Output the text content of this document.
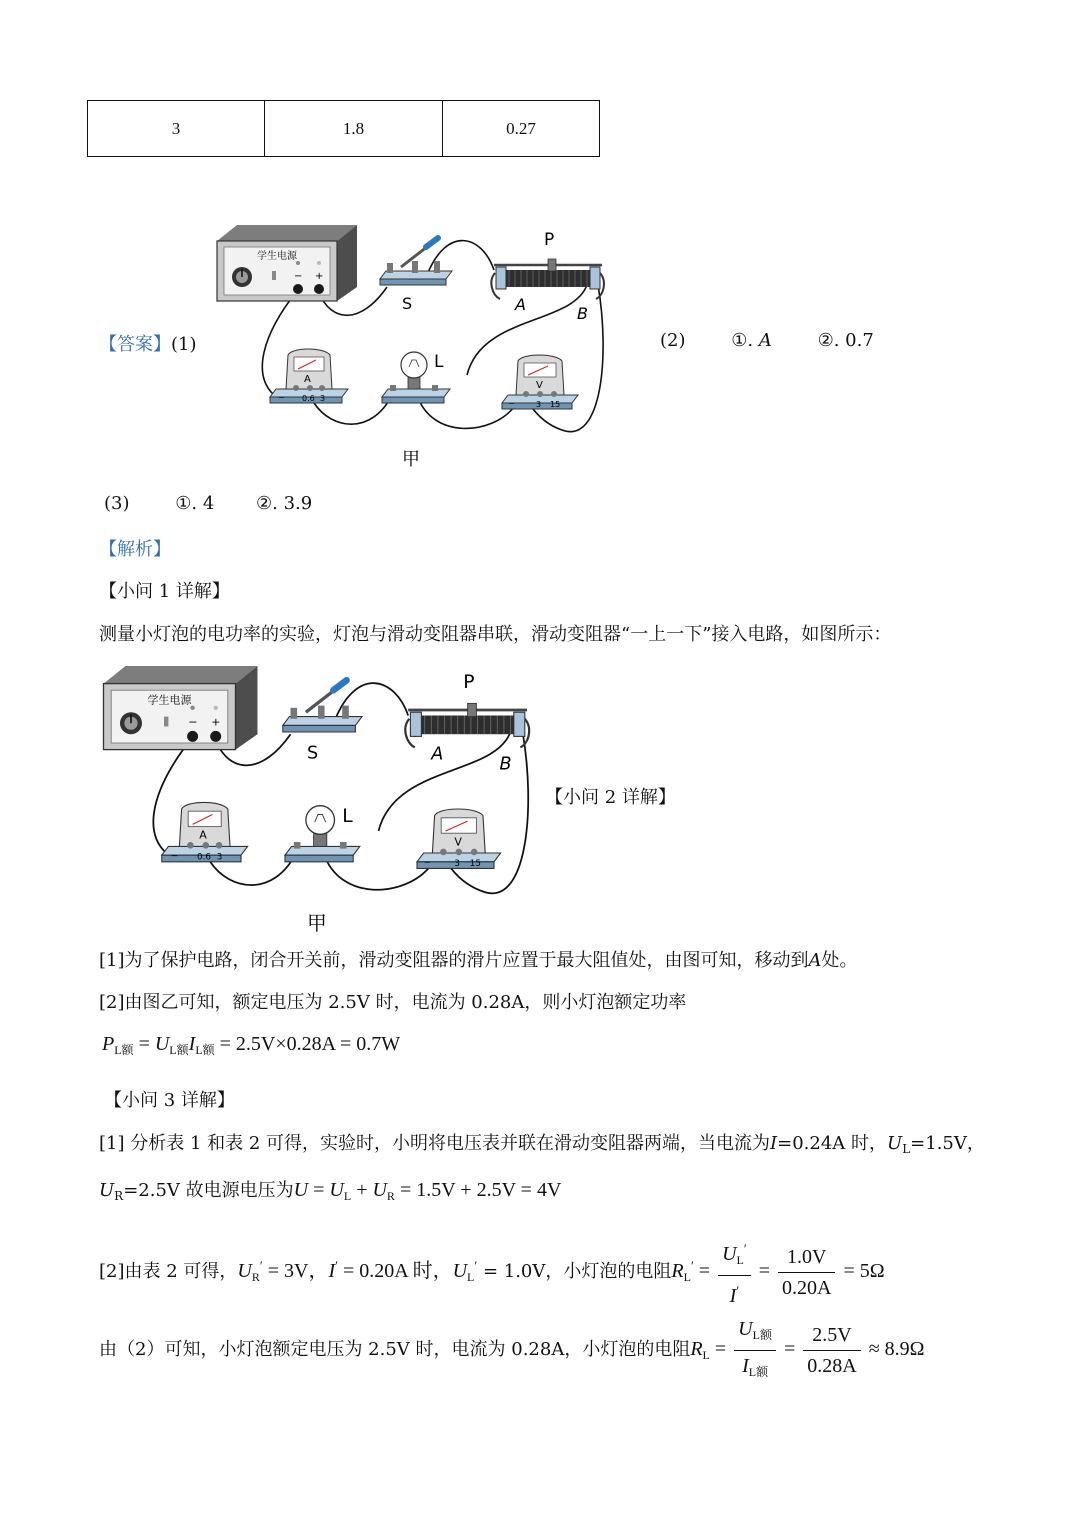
3	1.8	0.27
【答案】(1)	(2)	①. A	②. 0.7
(3)	①. 4 ②. 3.9
【解析】
【小问 1 详解】
测量小灯泡的电功率的实验，灯泡与滑动变阻器串联，滑动变阻器“一上一下”接入电路，如图所示：
【小问 2 详解】
[1]为了保护电路，闭合开关前，滑动变阻器的滑片应置于最大阻值处，由图可知，移动到A处。
[2]由图乙可知，额定电压为 2.5V 时，电流为 0.28A，则小灯泡额定功率
$P_{L额} = U_{L额}I_{L额} = 2.5V\times 0.28A = 0.7W$
【小问 3 详解】
[1] 分析表 1 和表 2 可得，实验时，小明将电压表并联在滑动变阻器两端，当电流为I=0.24A 时，$U_L=1.5V$，
$U_R=2.5V$ 故电源电压为$U = U_L + U_R = 1.5V + 2.5V = 4V$
[2]由表 2 可得，$U_R' = 3V$，I′ = 0.20A 时，$U_L' = 1.0V$，小灯泡的电阻$R_L' = \frac{U_L'}{I'} = \frac{1.0V}{0.20A} = 5\Omega$
由（2）可知，小灯泡额定电压为 2.5V 时，电流为 0.28A，小灯泡的电阻$R_L = \frac{U_{L额}}{I_{L额}} = \frac{2.5V}{0.28A} \approx 8.9\Omega$
